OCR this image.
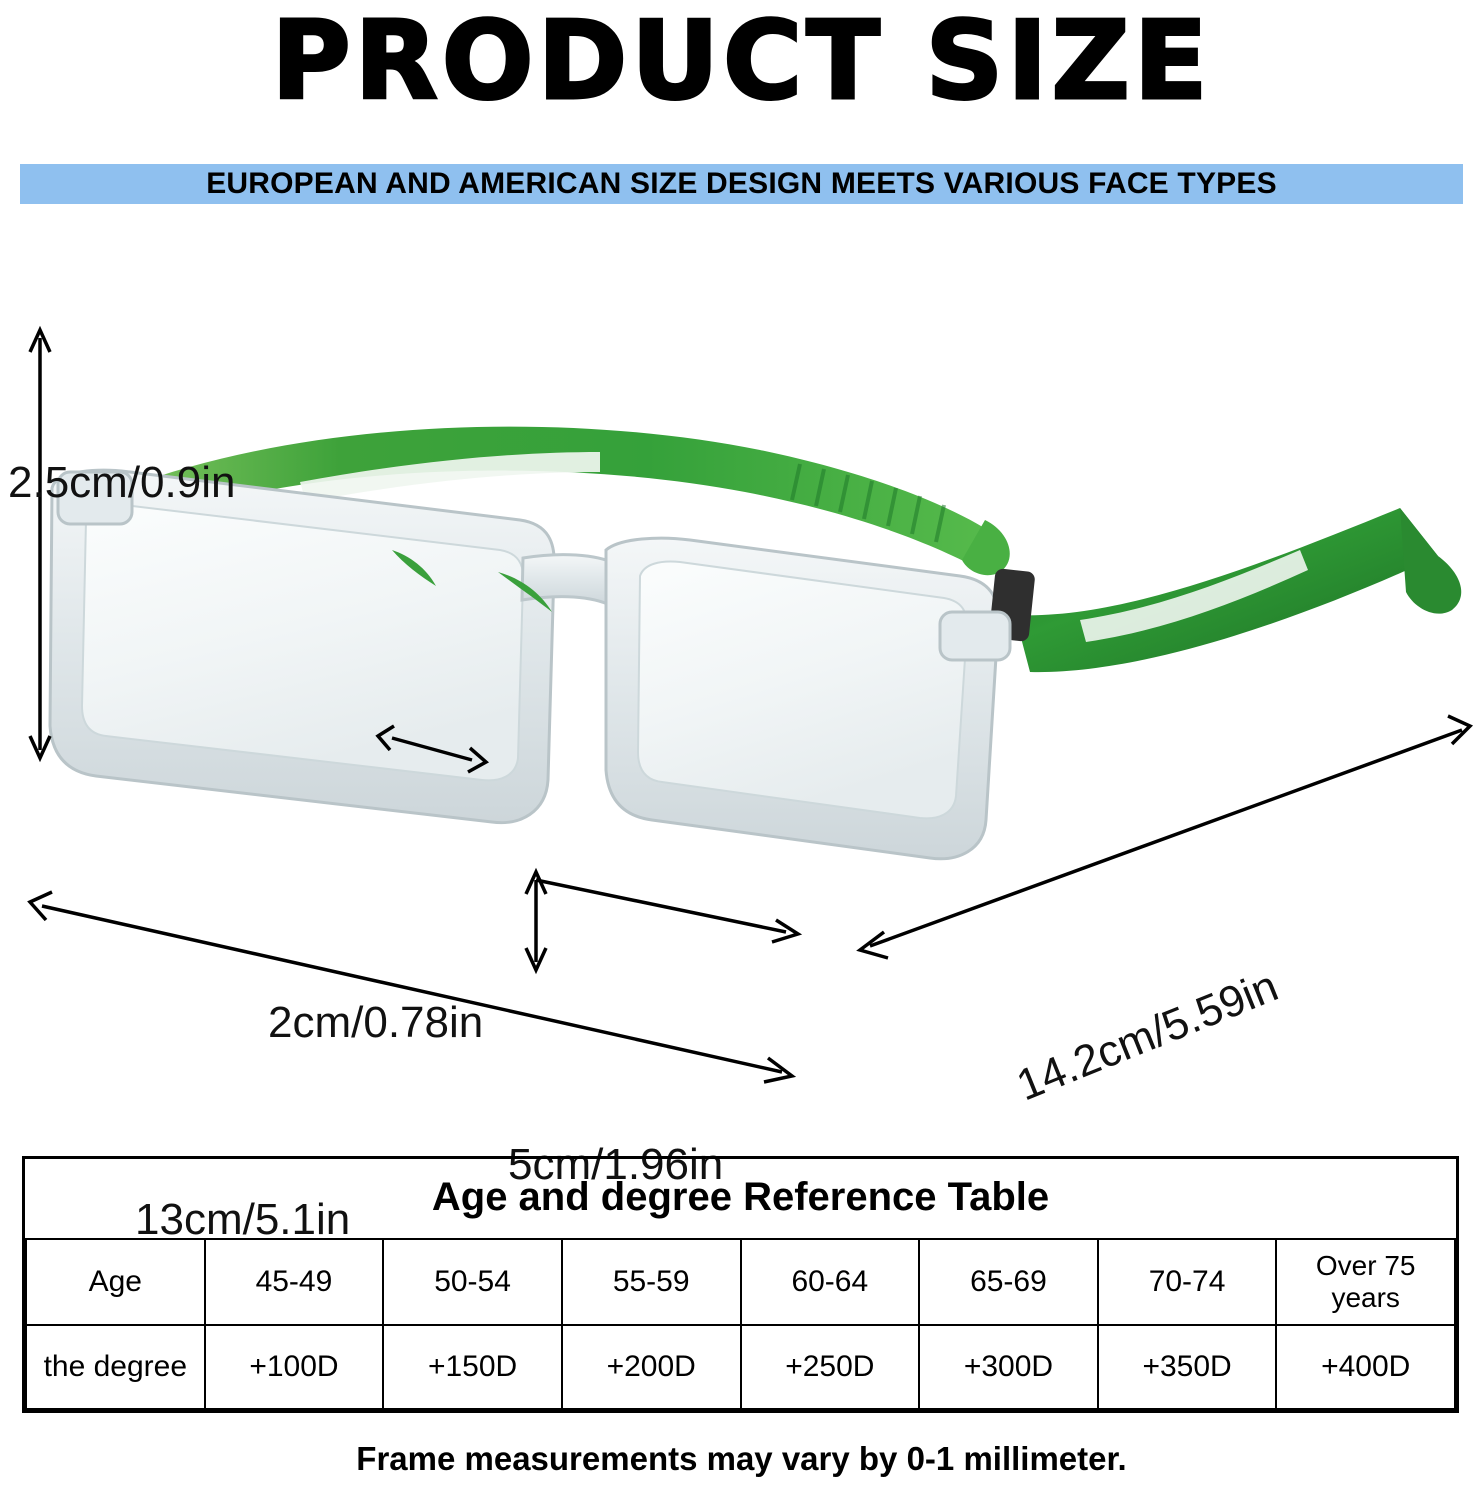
PRODUCT SIZE
EUROPEAN AND AMERICAN SIZE DESIGN MEETS VARIOUS FACE TYPES
2.5cm/0.9in
2cm/0.78in
5cm/1.96in
13cm/5.1in
14.2cm/5.59in
Age and degree Reference Table							
Age	45-49	50-54	55-59	60-64	65-69	70-74	Over 75 years
the degree	+100D	+150D	+200D	+250D	+300D	+350D	+400D
Frame measurements may vary by 0-1 millimeter.
